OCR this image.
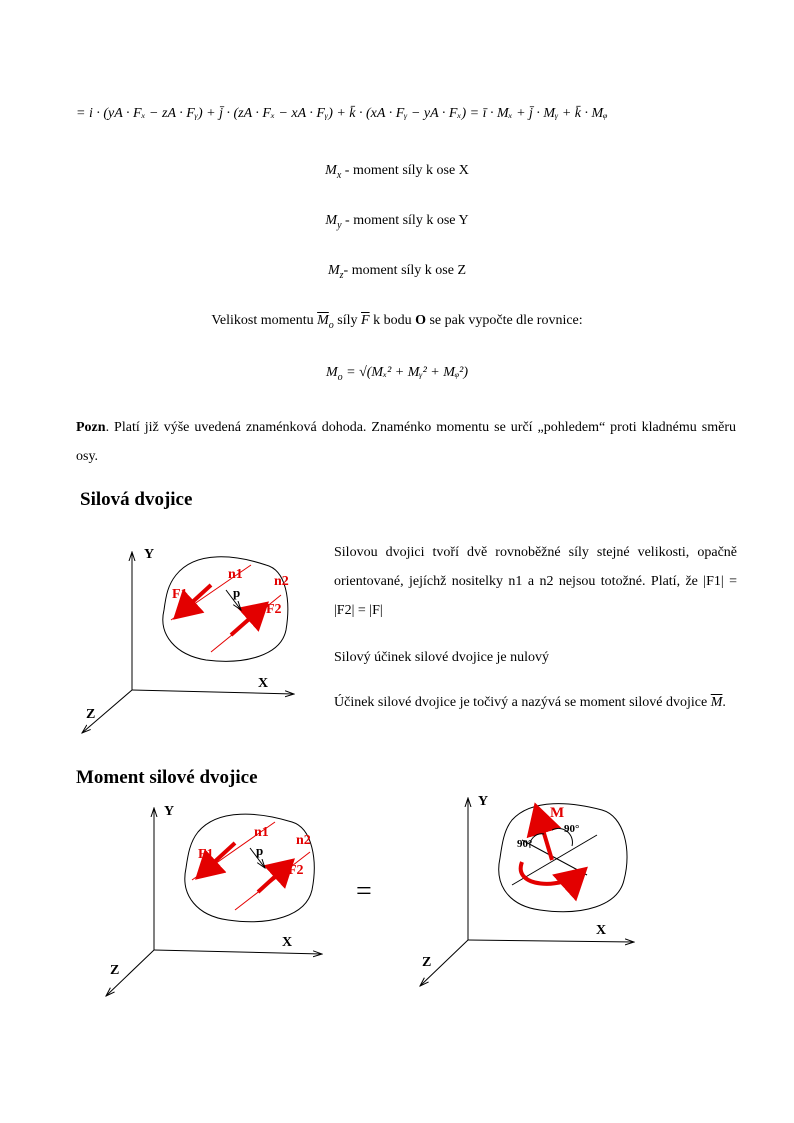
= i · (yA · Fₓ − zA · Fᵧ) + j̄ · (zA · Fₓ − xA · Fᵧ) + k̄ · (xA · Fᵧ − yA · Fₓ) = ī · Mₓ + j̄ · Mᵧ + k̄ · Mᵩ
$M_x$ - moment síly k ose X
$M_y$ - moment síly k ose Y
$M_z-$ moment síly k ose Z
Velikost momentu $\overline{M}_o$ síly $\overline{F}$ k bodu O se pak vypočte dle rovnice:
$M_o = √(M_x^2$ + Mᵧ² + Mᵩ²)
Pozn. Platí již výše uvedená znaménková dohoda. Znaménko momentu se určí „pohledem“ proti kladnému směru osy.
Silová dvojice
Y
X
Z
F1
F2
n1 n2
p
Silovou dvojici tvoří dvě rovnoběžné síly stejné velikosti, opačně orientované, jejíchž nositelky n1 a n2 nejsou totožné. Platí, že |F1| = |F2| = |F|
Silový účinek silové dvojice je nulový
Účinek silové dvojice je točivý a nazývá se moment silové dvojice $\overline{M}$.
Moment silové dvojice
Y
X
Z
F1
F2
n1
n2
p
=
Y
X
Z
M
90°
90°
